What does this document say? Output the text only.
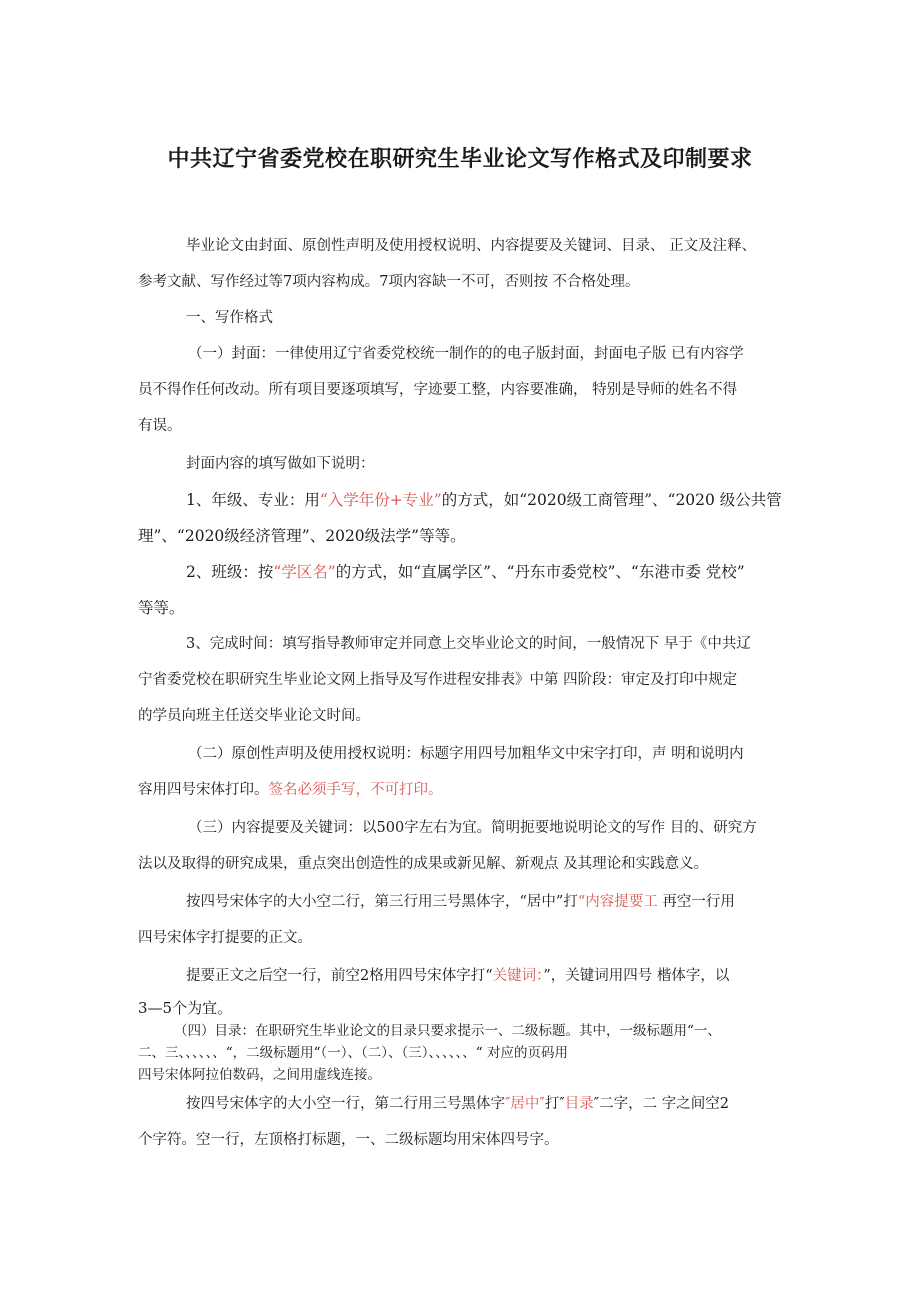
中共辽宁省委党校在职研究生毕业论文写作格式及印制要求
毕业论文由封面、原创性声明及使用授权说明、内容提要及关键词、目录、 正文及注释、
参考文献、写作经过等7项内容构成。7项内容缺一不可，否则按 不合格处理。
一、写作格式
（一）封面：一律使用辽宁省委党校统一制作的的电子版封面，封面电子版 已有内容学
员不得作任何改动。所有项目要逐项填写，字迹要工整，内容要准确， 特别是导师的姓名不得
有误。
封面内容的填写做如下说明：
1、年级、专业：用“入学年份+专业”的方式，如“2020级工商管理”、“2020 级公共管
理”、“2020级经济管理”、2020级法学”等等。
2、班级：按“学区名”的方式，如“直属学区”、“丹东市委党校”、“东港市委 党校”
等等。
3、完成时间：填写指导教师审定并同意上交毕业论文的时间，一般情况下 早于《中共辽
宁省委党校在职研究生毕业论文网上指导及写作进程安排表》中第 四阶段：审定及打印中规定
的学员向班主任送交毕业论文时间。
（二）原创性声明及使用授权说明：标题字用四号加粗华文中宋字打印，声 明和说明内
容用四号宋体打印。签名必须手写，不可打印。
（三）内容提要及关键词：以500字左右为宜。简明扼要地说明论文的写作 目的、研究方
法以及取得的研究成果，重点突出创造性的成果或新见解、新观点 及其理论和实践意义。
按四号宋体字的大小空二行，第三行用三号黑体字，“居中”打“内容提要工 再空一行用
四号宋体字打提要的正文。
提要正文之后空一行，前空2格用四号宋体字打“关键词：”，关键词用四号 楷体字，以
3—5个为宜。
（四）目录：在职研究生毕业论文的目录只要求提示一、二级标题。其中，一级标题用“一、
二、三、、、、、、“，二级标题用“（一）、（二）、（三）、、、、、、“ 对应的页码用
四号宋体阿拉伯数码，之间用虚线连接。
按四号宋体字的大小空一行，第二行用三号黑体字″居中″打″目录″二字，二 字之间空2
个字符。空一行，左顶格打标题，一、二级标题均用宋体四号字。
